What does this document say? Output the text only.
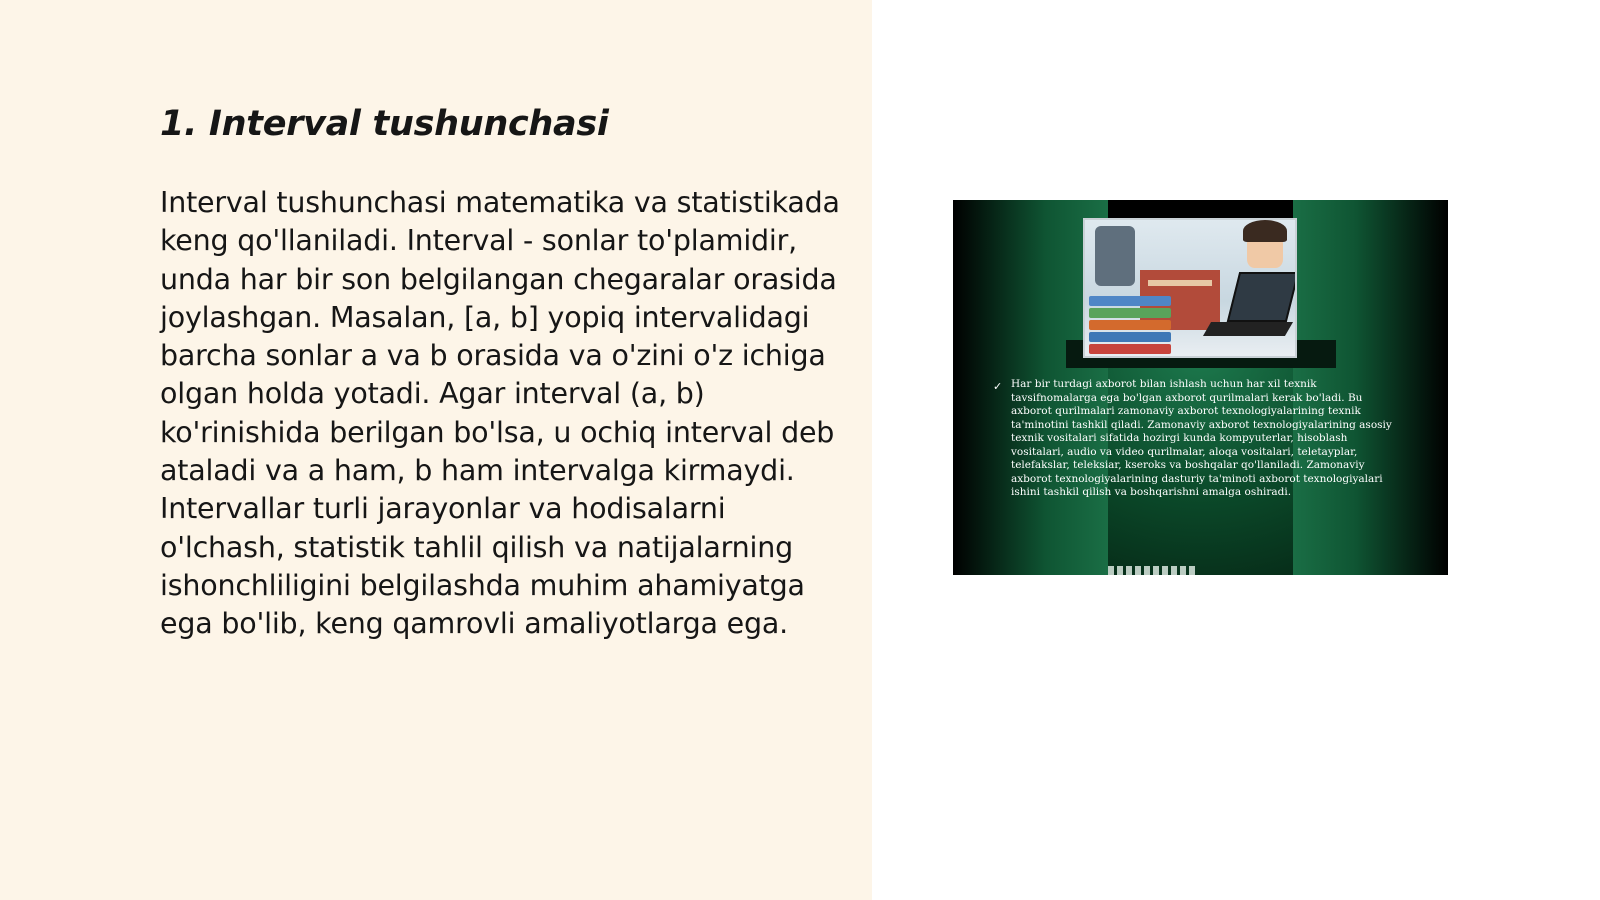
1. Interval tushunchasi

Interval tushunchasi matematika va statistikada keng qo'llaniladi. Interval - sonlar to'plamidir, unda har bir son belgilangan chegaralar orasida joylashgan. Masalan, [a, b] yopiq intervalidagi barcha sonlar a va b orasida va o'zini o'z ichiga olgan holda yotadi. Agar interval (a, b) ko'rinishida berilgan bo'lsa, u ochiq interval deb ataladi va a ham, b ham intervalga kirmaydi. Intervallar turli jarayonlar va hodisalarni o'lchash, statistik tahlil qilish va natijalarning ishonchliligini belgilashda muhim ahamiyatga ega bo'lib, keng qamrovli amaliyotlarga ega.

✓ Har bir turdagi axborot bilan ishlash uchun har xil texnik tavsifnomalarga ega bo'lgan axborot qurilmalari kerak bo'ladi. Bu axborot qurilmalari zamonaviy axborot texnologiyalarining texnik ta'minotini tashkil qiladi. Zamonaviy axborot texnologiyalarining asosiy texnik vositalari sifatida hozirgi kunda kompyuterlar, hisoblash vositalari, audio va video qurilmalar, aloqa vositalari, teletayplar, telefakslar, teleksiar, kseroks va boshqalar qo'llaniladi. Zamonaviy axborot texnologiyalarining dasturiy ta'minoti axborot texnologiyalari ishini tashkil qilish va boshqarishni amalga oshiradi.
